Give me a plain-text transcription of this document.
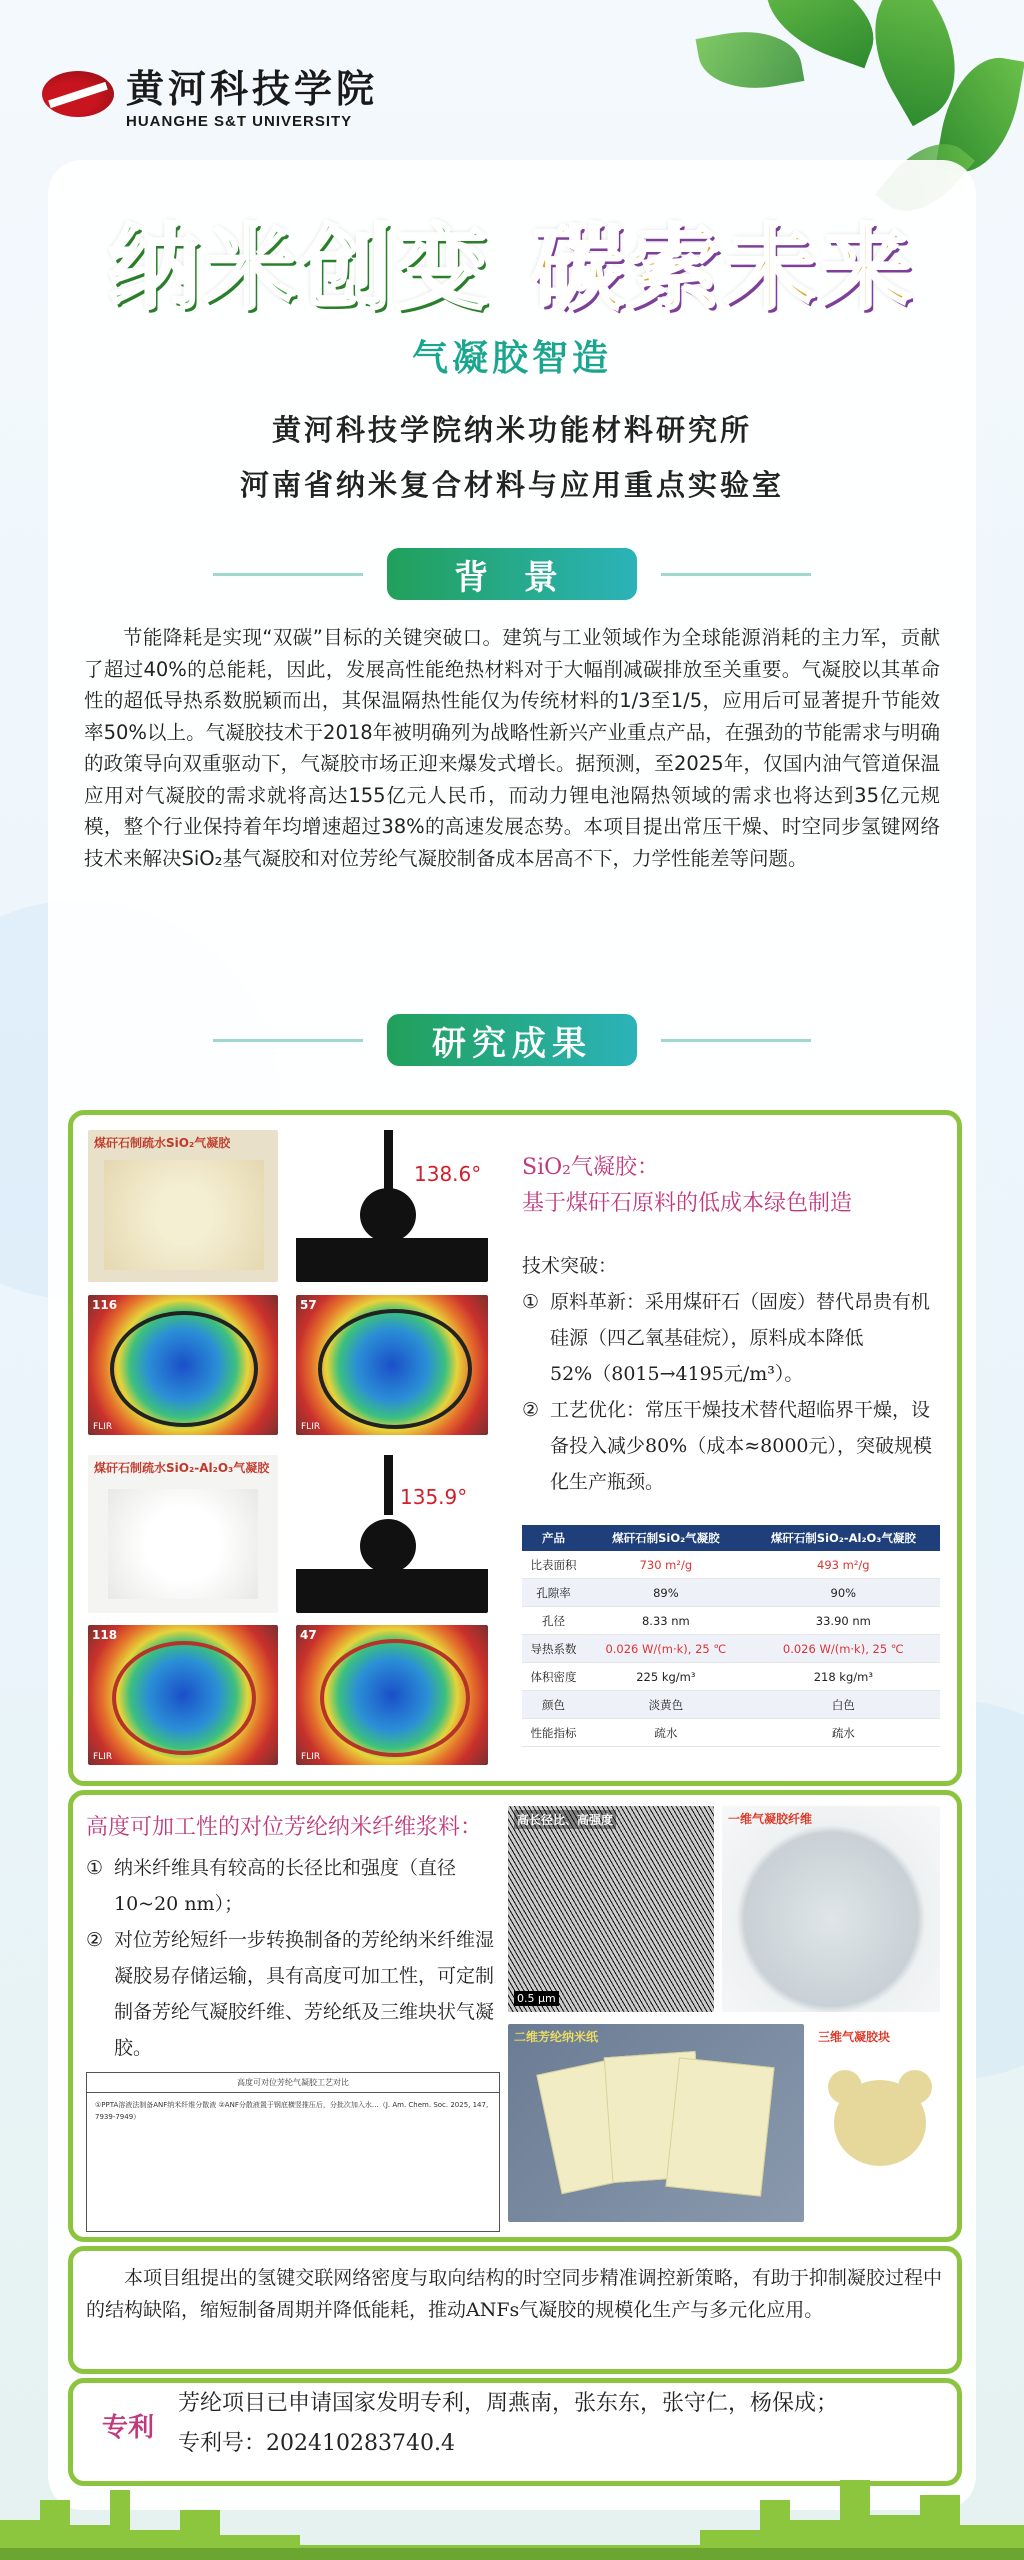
黄河科技学院
HUANGHE S&T UNIVERSITY
纳米创变 碳索未来
气凝胶智造
黄河科技学院纳米功能材料研究所
河南省纳米复合材料与应用重点实验室
背 景

节能降耗是实现“双碳”目标的关键突破口。建筑与工业领域作为全球能源消耗的主力军，贡献了超过40%的总能耗，因此，发展高性能绝热材料对于大幅削减碳排放至关重要。气凝胶以其革命性的超低导热系数脱颖而出，其保温隔热性能仅为传统材料的1/3至1/5，应用后可显著提升节能效率50%以上。气凝胶技术于2018年被明确列为战略性新兴产业重点产品，在强劲的节能需求与明确的政策导向双重驱动下，气凝胶市场正迎来爆发式增长。据预测，至2025年，仅国内油气管道保温应用对气凝胶的需求就将高达155亿元人民币，而动力锂电池隔热领域的需求也将达到35亿元规模，整个行业保持着年均增速超过38%的高速发展态势。本项目提出常压干燥、时空同步氢键网络技术来解决SiO₂基气凝胶和对位芳纶气凝胶制备成本居高不下，力学性能差等问题。

研究成果
煤矸石制疏水SiO₂气凝胶
138.6°
116
FLIR
57
FLIR
煤矸石制疏水SiO₂-Al₂O₃气凝胶
135.9°
118
FLIR
47
FLIR
SiO₂气凝胶：
基于煤矸石原料的低成本绿色制造
技术突破：
① 原料革新：采用煤矸石（固废）替代昂贵有机硅源（四乙氧基硅烷），原料成本降低52%（8015→4195元/m³）。
② 工艺优化：常压干燥技术替代超临界干燥，设备投入减少80%（成本≈8000元），突破规模化生产瓶颈。
产品	煤矸石制SiO₂气凝胶	煤矸石制SiO₂-Al₂O₃气凝胶
比表面积	730 m²/g	493 m²/g
孔隙率	89%	90%
孔径	8.33 nm	33.90 nm
导热系数	0.026 W/(m·k), 25 ℃	0.026 W/(m·k), 25 ℃
体积密度	225 kg/m³	218 kg/m³
颜色	淡黄色	白色
性能指标	疏水	疏水
高度可加工性的对位芳纶纳米纤维浆料：
① 纳米纤维具有较高的长径比和强度（直径10~20 nm）；
② 对位芳纶短纤一步转换制备的芳纶纳米纤维湿凝胶易存储运输，具有高度可加工性，可定制制备芳纶气凝胶纤维、芳纶纸及三维块状气凝胶。
高度可对位芳纶气凝胶工艺对比
①PPTA溶液法制备ANF纳米纤维分散液 ②ANF分散液置于钢底横竖推压后，分批次加入水…（J. Am. Chem. Soc. 2025, 147, 7939-7949）
高长径比、高强度
0.5 μm
一维气凝胶纤维
二维芳纶纳米纸	三维气凝胶块

本项目组提出的氢键交联网络密度与取向结构的时空同步精准调控新策略，有助于抑制凝胶过程中的结构缺陷，缩短制备周期并降低能耗，推动ANFs气凝胶的规模化生产与多元化应用。

专利
芳纶项目已申请国家发明专利，周燕南，张东东，张守仁，杨保成；
专利号：202410283740.4
